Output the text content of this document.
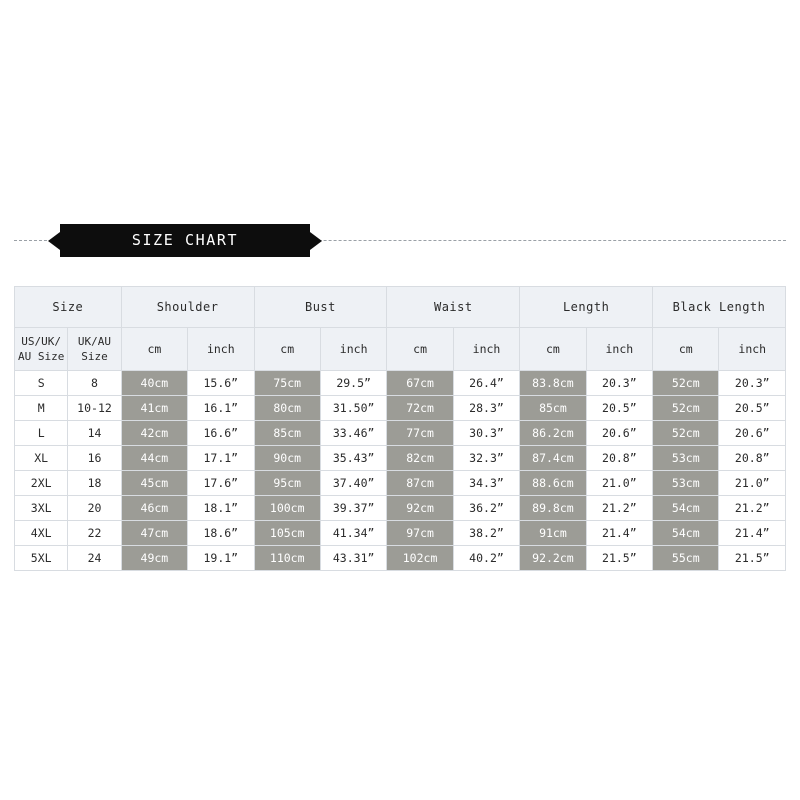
SIZE CHART
Size		Shoulder		Bust		Waist		Length		Black Length	
US/UK/ AU Size	UK/AU Size	cm	inch	cm	inch	cm	inch	cm	inch	cm	inch
S	8	40cm	15.6”	75cm	29.5”	67cm	26.4”	83.8cm	20.3”	52cm	20.3”
M	10-12	41cm	16.1”	80cm	31.50”	72cm	28.3”	85cm	20.5”	52cm	20.5”
L	14	42cm	16.6”	85cm	33.46”	77cm	30.3”	86.2cm	20.6”	52cm	20.6”
XL	16	44cm	17.1”	90cm	35.43”	82cm	32.3”	87.4cm	20.8”	53cm	20.8”
2XL	18	45cm	17.6”	95cm	37.40”	87cm	34.3”	88.6cm	21.0”	53cm	21.0”
3XL	20	46cm	18.1”	100cm	39.37”	92cm	36.2”	89.8cm	21.2”	54cm	21.2”
4XL	22	47cm	18.6”	105cm	41.34”	97cm	38.2”	91cm	21.4”	54cm	21.4”
5XL	24	49cm	19.1”	110cm	43.31”	102cm	40.2”	92.2cm	21.5”	55cm	21.5”
